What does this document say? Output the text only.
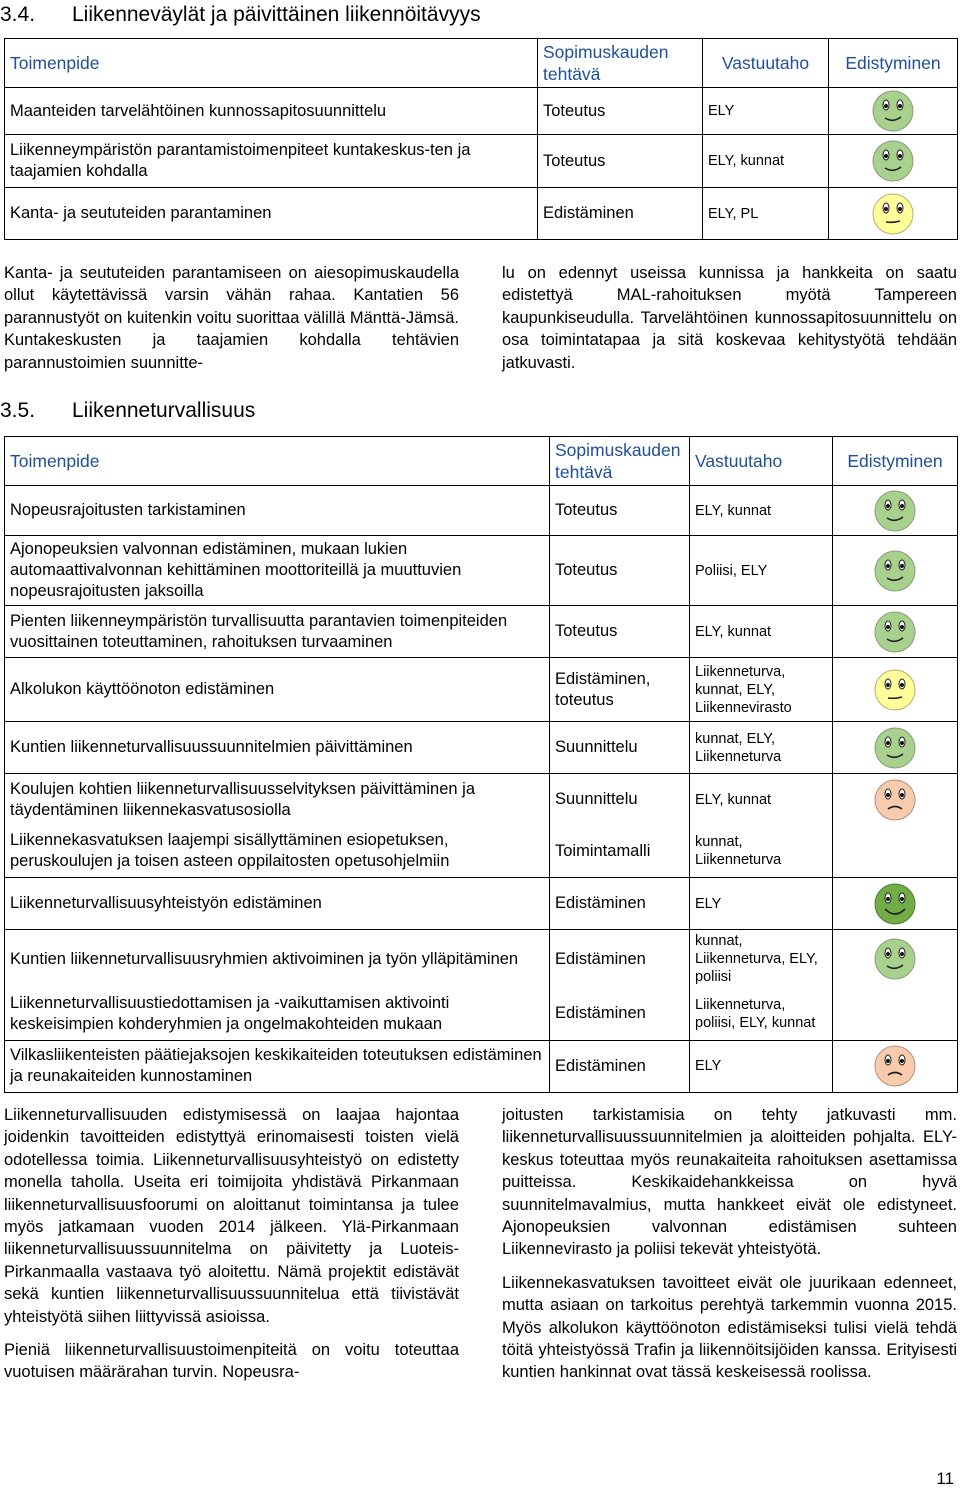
3.4. Liikenneväylät ja päivittäinen liikennöitävyys
Toimenpide	Sopimuskauden tehtävä	Vastuutaho	Edistyminen
Maanteiden tarvelähtöinen kunnossapitosuunnittelu	Toteutus	ELY	

Liikenneympäristön parantamistoimenpiteet kuntakeskus-ten ja taajamien kohdalla	Toteutus	ELY, kunnat	

Kanta- ja seututeiden parantaminen	Edistäminen	ELY, PL	

Kanta- ja seututeiden parantamiseen on aiesopimuskaudella ollut käytettävissä varsin vähän rahaa. Kantatien 56 parannustyöt on kuitenkin voitu suorittaa välillä Mänttä-Jämsä. Kuntakeskusten ja taajamien kohdalla tehtävien parannustoimien suunnitte-

lu on edennyt useissa kunnissa ja hankkeita on saatu edistettyä MAL-rahoituksen myötä Tampereen kaupunkiseudulla. Tarvelähtöinen kunnossapitosuunnittelu on osa toimintatapaa ja sitä koskevaa kehitystyötä tehdään jatkuvasti.

3.5. Liikenneturvallisuus
Toimenpide	Sopimuskauden tehtävä	Vastuutaho	Edistyminen
Nopeusrajoitusten tarkistaminen	Toteutus	ELY, kunnat	

Ajonopeuksien valvonnan edistäminen, mukaan lukien automaattivalvonnan kehittäminen moottoriteillä ja muuttuvien nopeusrajoitusten jaksoilla	Toteutus	Poliisi, ELY	

Pienten liikenneympäristön turvallisuutta parantavien toimenpiteiden vuosittainen toteuttaminen, rahoituksen turvaaminen	Toteutus	ELY, kunnat	

Alkolukon käyttöönoton edistäminen	Edistäminen, toteutus	Liikenneturva, kunnat, ELY, Liikennevirasto	

Kuntien liikenneturvallisuussuunnitelmien päivittäminen	Suunnittelu	kunnat, ELY, Liikenneturva	

Koulujen kohtien liikenneturvallisuusselvityksen päivittäminen ja täydentäminen liikennekasvatusosiolla	Suunnittelu	ELY, kunnat	

Liikennekasvatuksen laajempi sisällyttäminen esiopetuksen, peruskoulujen ja toisen asteen oppilaitosten opetusohjelmiin	Toimintamalli	kunnat, Liikenneturva	
Liikenneturvallisuusyhteistyön edistäminen	Edistäminen	ELY	

Kuntien liikenneturvallisuusryhmien aktivoiminen ja työn ylläpitäminen	Edistäminen	kunnat, Liikenneturva, ELY, poliisi	

Liikenneturvallisuustiedottamisen ja -vaikuttamisen aktivointi keskeisimpien kohderyhmien ja ongelmakohteiden mukaan	Edistäminen	Liikenneturva, poliisi, ELY, kunnat	
Vilkasliikenteisten päätiejaksojen keskikaiteiden toteutuksen edistäminen ja reunakaiteiden kunnostaminen	Edistäminen	ELY	

Liikenneturvallisuuden edistymisessä on laajaa hajontaa joidenkin tavoitteiden edistyttyä erinomaisesti toisten vielä odotellessa toimia. Liikenneturvallisuusyhteistyö on edistetty monella taholla. Useita eri toimijoita yhdistävä Pirkanmaan liikenneturvallisuusfoorumi on aloittanut toimintansa ja tulee myös jatkamaan vuoden 2014 jälkeen. Ylä-Pirkanmaan liikenneturvallisuussuunnitelma on päivitetty ja Luoteis-Pirkanmaalla vastaava työ aloitettu. Nämä projektit edistävät sekä kuntien liikenneturvallisuussuunnitelua että tiivistävät yhteistyötä siihen liittyvissä asioissa.

Pieniä liikenneturvallisuustoimenpiteitä on voitu toteuttaa vuotuisen määrärahan turvin. Nopeusra-

joitusten tarkistamisia on tehty jatkuvasti mm. liikenneturvallisuussuunnitelmien ja aloitteiden pohjalta. ELY-keskus toteuttaa myös reunakaiteita rahoituksen asettamissa puitteissa. Keskikaidehankkeissa on hyvä suunnitelmavalmius, mutta hankkeet eivät ole edistyneet. Ajonopeuksien valvonnan edistämisen suhteen Liikennevirasto ja poliisi tekevät yhteistyötä.

Liikennekasvatuksen tavoitteet eivät ole juurikaan edenneet, mutta asiaan on tarkoitus perehtyä tarkemmin vuonna 2015. Myös alkolukon käyttöönoton edistämiseksi tulisi vielä tehdä töitä yhteistyössä Trafin ja liikennöitsijöiden kanssa. Erityisesti kuntien hankinnat ovat tässä keskeisessä roolissa.

11
